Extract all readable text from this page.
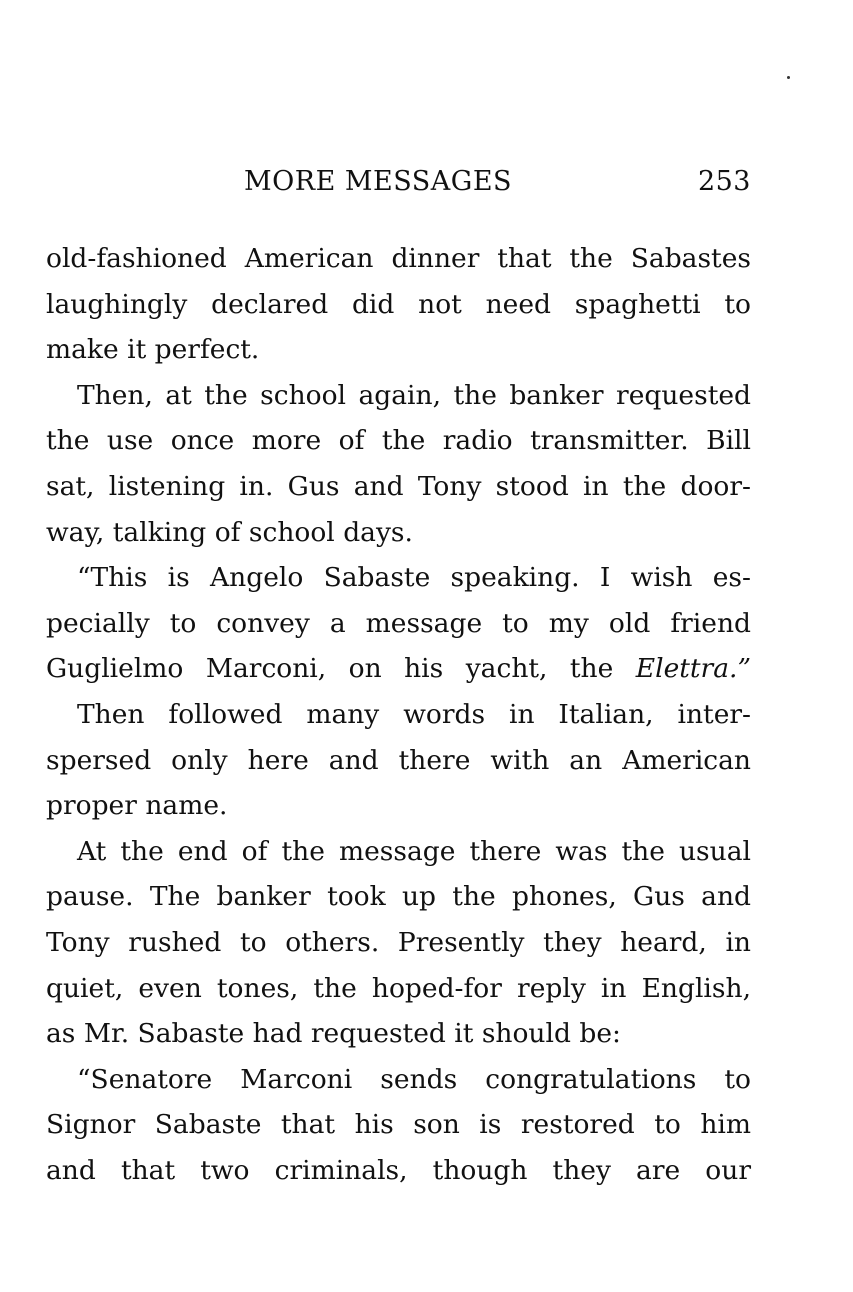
MORE MESSAGES	253
old-fashioned American dinner that the Sabastes
laughingly declared did not need spaghetti to
make it perfect.
Then, at the school again, the banker requested
the use once more of the radio transmitter. Bill
sat, listening in. Gus and Tony stood in the door-
way, talking of school days.
“This is Angelo Sabaste speaking. I wish es-
pecially to convey a message to my old friend
Guglielmo Marconi, on his yacht, the Elettra.”
Then followed many words in Italian, inter-
spersed only here and there with an American
proper name.
At the end of the message there was the usual
pause. The banker took up the phones, Gus and
Tony rushed to others. Presently they heard, in
quiet, even tones, the hoped-for reply in English,
as Mr. Sabaste had requested it should be:
“Senatore Marconi sends congratulations to
Signor Sabaste that his son is restored to him
and that two criminals, though they are our
